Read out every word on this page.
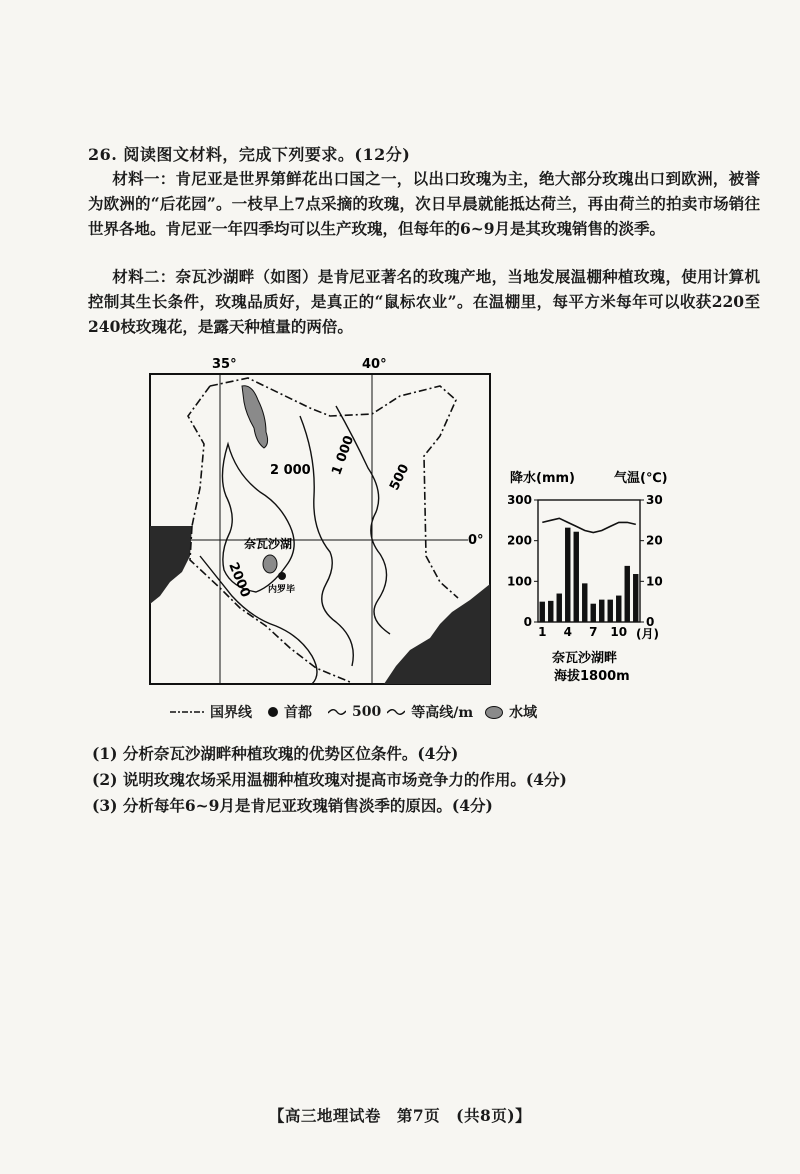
26. 阅读图文材料，完成下列要求。(12分)
材料一：肯尼亚是世界第鲜花出口国之一，以出口玫瑰为主，绝大部分玫瑰出口到欧洲，被誉为欧洲的“后花园”。一枝早上7点采摘的玫瑰，次日早晨就能抵达荷兰，再由荷兰的拍卖市场销往世界各地。肯尼亚一年四季均可以生产玫瑰，但每年的6~9月是其玫瑰销售的淡季。
材料二：奈瓦沙湖畔（如图）是肯尼亚著名的玫瑰产地，当地发展温棚种植玫瑰，使用计算机控制其生长条件，玫瑰品质好，是真正的“鼠标农业”。在温棚里，每平方米每年可以收获220至240枝玫瑰花，是露天种植量的两倍。
35°	40°
0°
2 000 1 000
500
2000
奈瓦沙湖
内罗毕
国界线 首都	500 等高线/m	水域
降水(mm)	气温(℃)
0
100
200
300
0
10
20
30
1 4 7 10 (月)
奈瓦沙湖畔
海拔1800m
(1) 分析奈瓦沙湖畔种植玫瑰的优势区位条件。(4分)
(2) 说明玫瑰农场采用温棚种植玫瑰对提高市场竞争力的作用。(4分)
(3) 分析每年6~9月是肯尼亚玫瑰销售淡季的原因。(4分)
【高三地理试卷　第7页　(共8页)】
